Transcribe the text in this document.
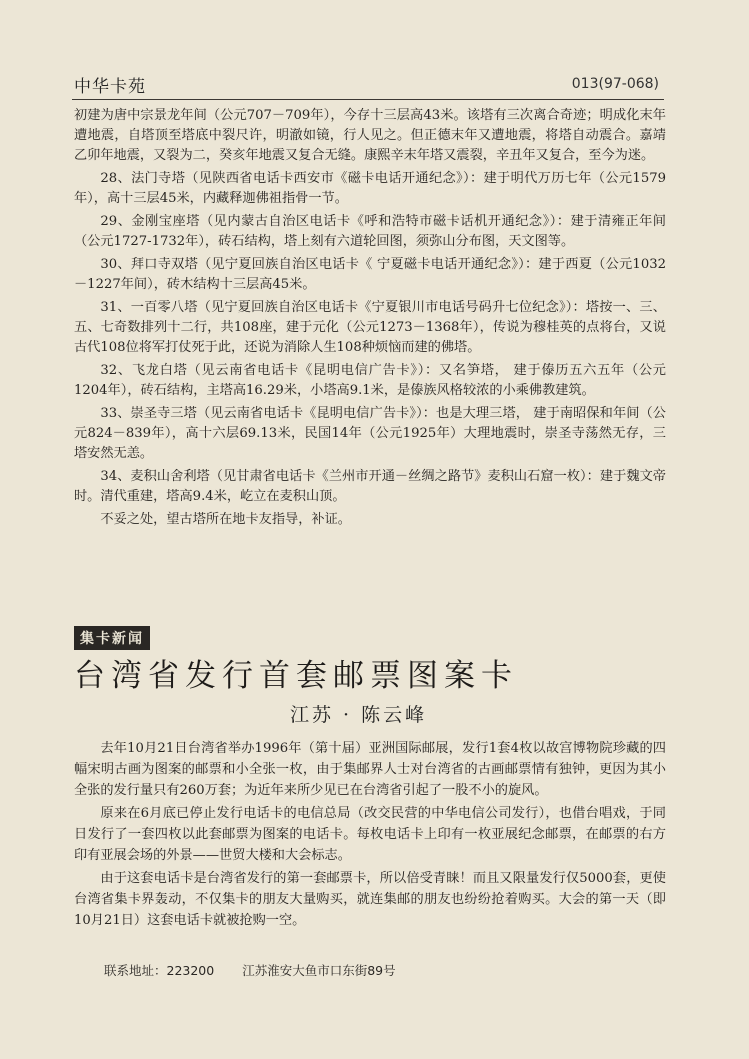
中华卡苑	013(97-068)

初建为唐中宗景龙年间（公元707－709年），今存十三层高43米。该塔有三次离合奇迹；明成化末年遭地震，自塔顶至塔底中裂尺许，明澈如镜，行人见之。但正德末年又遭地震，将塔自动震合。嘉靖乙卯年地震，又裂为二，癸亥年地震又复合无缝。康熙辛末年塔又震裂，辛丑年又复合，至今为迷。

28、法门寺塔（见陕西省电话卡西安市《磁卡电话开通纪念》）：建于明代万历七年（公元1579年），高十三层45米，内藏释迦佛祖指骨一节。

29、金刚宝座塔（见内蒙古自治区电话卡《呼和浩特市磁卡话机开通纪念》）：建于清雍正年间（公元1727-1732年），砖石结构，塔上刻有六道轮回图，须弥山分布图，天文图等。

30、拜口寺双塔（见宁夏回族自治区电话卡《 宁夏磁卡电话开通纪念》）：建于西夏（公元1032－1227年间），砖木结构十三层高45米。

31、一百零八塔（见宁夏回族自治区电话卡《宁夏银川市电话号码升七位纪念》）：塔按一、三、五、七奇数排列十二行，共108座，建于元化（公元1273－1368年），传说为穆桂英的点将台，又说古代108位将军打仗死于此，还说为消除人生108种烦恼而建的佛塔。

32、飞龙白塔（见云南省电话卡《昆明电信广告卡》）：又名笋塔， 建于傣历五六五年（公元1204年），砖石结构，主塔高16.29米，小塔高9.1米，是傣族风格较浓的小乘佛教建筑。

33、崇圣寺三塔（见云南省电话卡《昆明电信广告卡》）：也是大理三塔， 建于南昭保和年间（公元824－839年），高十六层69.13米，民国14年（公元1925年）大理地震时，崇圣寺荡然无存，三塔安然无恙。

34、麦积山舍利塔（见甘肃省电话卡《兰州市开通－丝绸之路节》麦积山石窟一枚）：建于魏文帝时。清代重建，塔高9.4米，屹立在麦积山顶。

不妥之处，望古塔所在地卡友指导，补证。

集卡新闻
台湾省发行首套邮票图案卡
江苏 · 陈云峰

去年10月21日台湾省举办1996年（第十届）亚洲国际邮展，发行1套4枚以故宫博物院珍藏的四幅宋明古画为图案的邮票和小全张一枚，由于集邮界人士对台湾省的古画邮票情有独钟，更因为其小全张的发行量只有260万套；为近年来所少见已在台湾省引起了一股不小的旋风。

原来在6月底已停止发行电话卡的电信总局（改交民营的中华电信公司发行），也借台唱戏，于同日发行了一套四枚以此套邮票为图案的电话卡。每枚电话卡上印有一枚亚展纪念邮票，在邮票的右方印有亚展会场的外景——世贸大楼和大会标志。

由于这套电话卡是台湾省发行的第一套邮票卡，所以倍受青睐！而且又限量发行仅5000套，更使台湾省集卡界轰动，不仅集卡的朋友大量购买，就连集邮的朋友也纷纷抢着购买。大会的第一天（即10月21日）这套电话卡就被抢购一空。

联系地址：223200 江苏淮安大鱼市口东街89号
